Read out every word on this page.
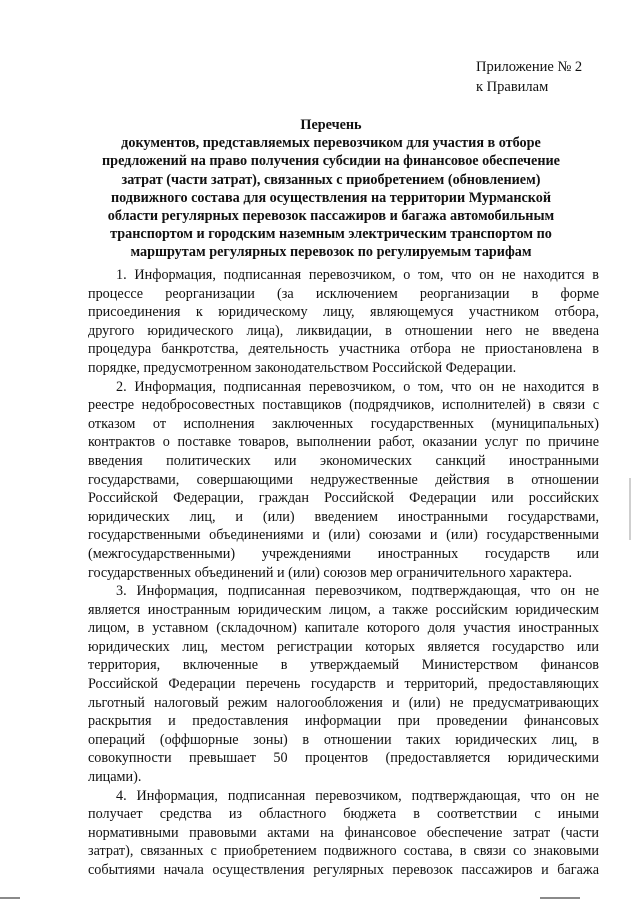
Приложение № 2
к Правилам
Перечень
документов, представляемых перевозчиком для участия в отборе
предложений на право получения субсидии на финансовое обеспечение
затрат (части затрат), связанных с приобретением (обновлением)
подвижного состава для осуществления на территории Мурманской
области регулярных перевозок пассажиров и багажа автомобильным
транспортом и городским наземным электрическим транспортом по
маршрутам регулярных перевозок по регулируемым тарифам
1. Информация, подписанная перевозчиком, о том, что он не находится в
процессе реорганизации (за исключением реорганизации в форме
присоединения к юридическому лицу, являющемуся участником отбора,
другого юридического лица), ликвидации, в отношении него не введена
процедура банкротства, деятельность участника отбора не приостановлена в
порядке, предусмотренном законодательством Российской Федерации.
2. Информация, подписанная перевозчиком, о том, что он не находится в
реестре недобросовестных поставщиков (подрядчиков, исполнителей) в связи с
отказом от исполнения заключенных государственных (муниципальных)
контрактов о поставке товаров, выполнении работ, оказании услуг по причине
введения политических или экономических санкций иностранными
государствами, совершающими недружественные действия в отношении
Российской Федерации, граждан Российской Федерации или российских
юридических лиц, и (или) введением иностранными государствами,
государственными объединениями и (или) союзами и (или) государственными
(межгосударственными) учреждениями иностранных государств или
государственных объединений и (или) союзов мер ограничительного характера.
3. Информация, подписанная перевозчиком, подтверждающая, что он не
является иностранным юридическим лицом, а также российским юридическим
лицом, в уставном (складочном) капитале которого доля участия иностранных
юридических лиц, местом регистрации которых является государство или
территория, включенные в утверждаемый Министерством финансов
Российской Федерации перечень государств и территорий, предоставляющих
льготный налоговый режим налогообложения и (или) не предусматривающих
раскрытия и предоставления информации при проведении финансовых
операций (оффшорные зоны) в отношении таких юридических лиц, в
совокупности превышает 50 процентов (предоставляется юридическими
лицами).
4. Информация, подписанная перевозчиком, подтверждающая, что он не
получает средства из областного бюджета в соответствии с иными
нормативными правовыми актами на финансовое обеспечение затрат (части
затрат), связанных с приобретением подвижного состава, в связи со знаковыми
событиями начала осуществления регулярных перевозок пассажиров и багажа
